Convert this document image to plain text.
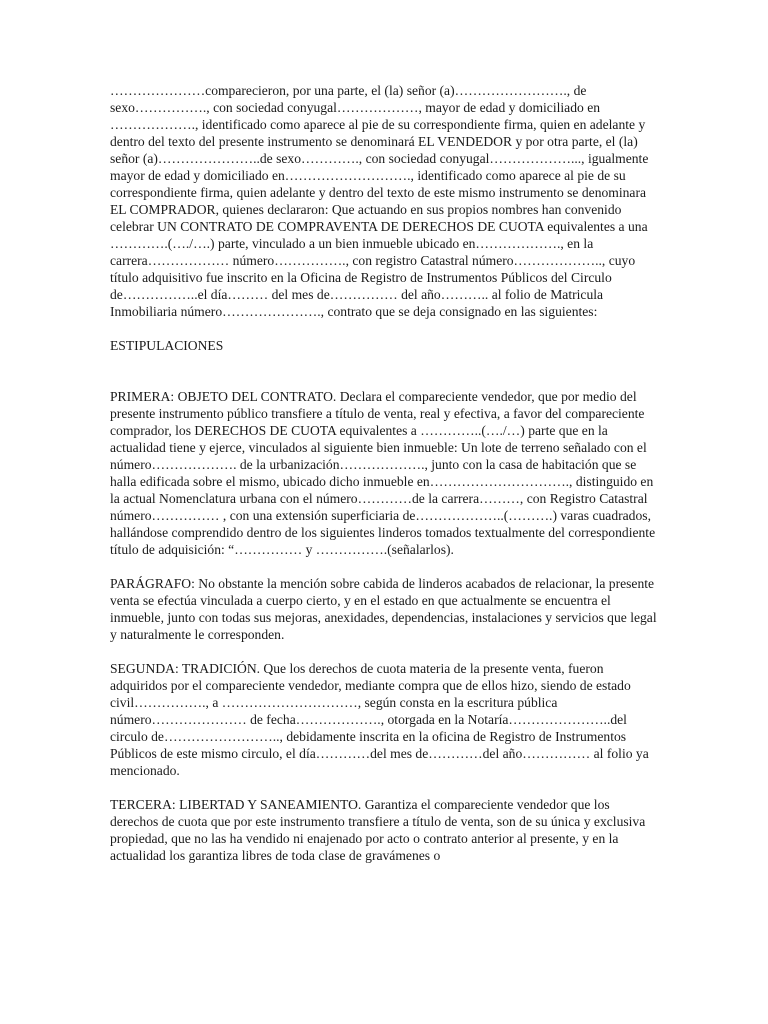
…………………comparecieron, por una parte, el (la) señor (a)……………………., de sexo……………., con sociedad conyugal………………, mayor de edad y domiciliado en ………………., identificado como aparece al pie de su correspondiente firma, quien en adelante y dentro del texto del presente instrumento se denominará EL VENDEDOR y por otra parte, el (la) señor (a)…………………..de sexo…………., con sociedad conyugal………………..., igualmente mayor de edad y domiciliado en………………………., identificado como aparece al pie de su correspondiente firma, quien adelante y dentro del texto de este mismo instrumento se denominara EL COMPRADOR, quienes declararon: Que actuando en sus propios nombres han convenido celebrar UN CONTRATO DE COMPRAVENTA DE DERECHOS DE CUOTA equivalentes a una ………….(…./….) parte, vinculado a un bien inmueble ubicado en………………., en la carrera……………… número……………., con registro Catastral número……………….., cuyo título adquisitivo fue inscrito en la Oficina de Registro de Instrumentos Públicos del Circulo de……………..el día……… del mes de…………… del año……….. al folio de Matricula Inmobiliaria número…………………., contrato que se deja consignado en las siguientes:

ESTIPULACIONES

PRIMERA: OBJETO DEL CONTRATO. Declara el compareciente vendedor, que por medio del presente instrumento público transfiere a título de venta, real y efectiva, a favor del compareciente comprador, los DERECHOS DE CUOTA equivalentes a …………..(…./…) parte que en la actualidad tiene y ejerce, vinculados al siguiente bien inmueble: Un lote de terreno señalado con el número………………. de la urbanización………………., junto con la casa de habitación que se halla edificada sobre el mismo, ubicado dicho inmueble en…………………………., distinguido en la actual Nomenclatura urbana con el número…………de la carrera………, con Registro Catastral número…………… , con una extensión superficiaria de………………..(……….) varas cuadrados, hallándose comprendido dentro de los siguientes linderos tomados textualmente del correspondiente título de adquisición: “…………… y …………….(señalarlos).

PARÁGRAFO: No obstante la mención sobre cabida de linderos acabados de relacionar, la presente venta se efectúa vinculada a cuerpo cierto, y en el estado en que actualmente se encuentra el inmueble, junto con todas sus mejoras, anexidades, dependencias, instalaciones y servicios que legal y naturalmente le corresponden.

SEGUNDA: TRADICIÓN. Que los derechos de cuota materia de la presente venta, fueron adquiridos por el compareciente vendedor, mediante compra que de ellos hizo, siendo de estado civil……………., a …………………………, según consta en la escritura pública número………………… de fecha………………., otorgada en la Notaría…………………..del circulo de…………………….., debidamente inscrita en la oficina de Registro de Instrumentos Públicos de este mismo circulo, el día…………del mes de…………del año…………… al folio ya mencionado.

TERCERA: LIBERTAD Y SANEAMIENTO. Garantiza el compareciente vendedor que los derechos de cuota que por este instrumento transfiere a título de venta, son de su única y exclusiva propiedad, que no las ha vendido ni enajenado por acto o contrato anterior al presente, y en la actualidad los garantiza libres de toda clase de gravámenes o
